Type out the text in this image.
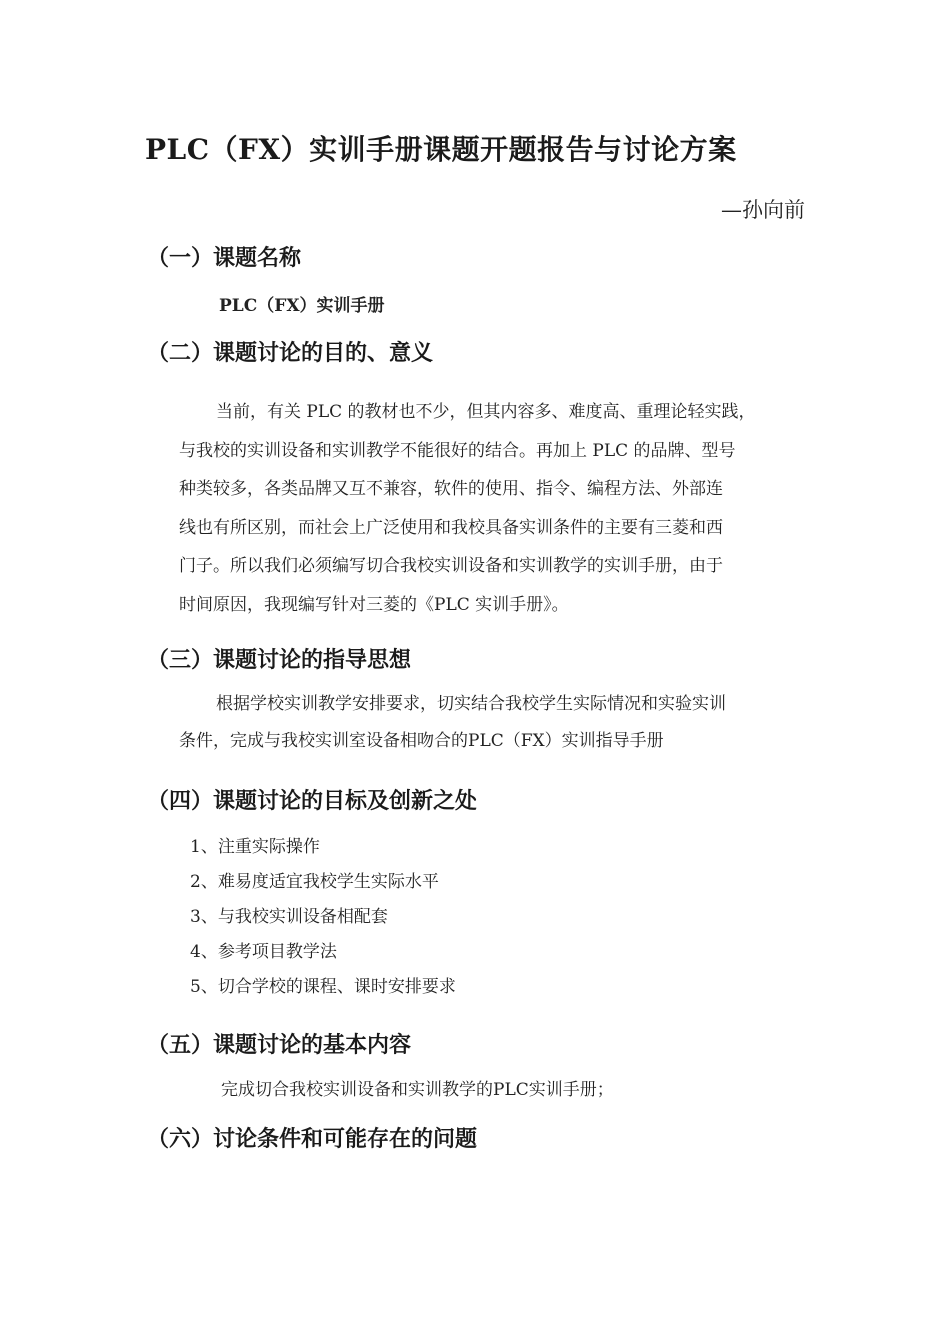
PLC（FX）实训手册课题开题报告与讨论方案
—孙向前
（一）课题名称
PLC（FX）实训手册
（二）课题讨论的目的、意义
当前，有关 PLC 的教材也不少，但其内容多、难度高、重理论轻实践，
与我校的实训设备和实训教学不能很好的结合。再加上 PLC 的品牌、型号
种类较多，各类品牌又互不兼容，软件的使用、指令、编程方法、外部连
线也有所区别，而社会上广泛使用和我校具备实训条件的主要有三菱和西
门子。所以我们必须编写切合我校实训设备和实训教学的实训手册，由于
时间原因，我现编写针对三菱的《PLC 实训手册》。
（三）课题讨论的指导思想
根据学校实训教学安排要求，切实结合我校学生实际情况和实验实训
条件，完成与我校实训室设备相吻合的PLC（FX）实训指导手册
（四）课题讨论的目标及创新之处
1、注重实际操作
2、难易度适宜我校学生实际水平
3、与我校实训设备相配套
4、参考项目教学法
5、切合学校的课程、课时安排要求
（五）课题讨论的基本内容
完成切合我校实训设备和实训教学的PLC实训手册；
（六）讨论条件和可能存在的问题
